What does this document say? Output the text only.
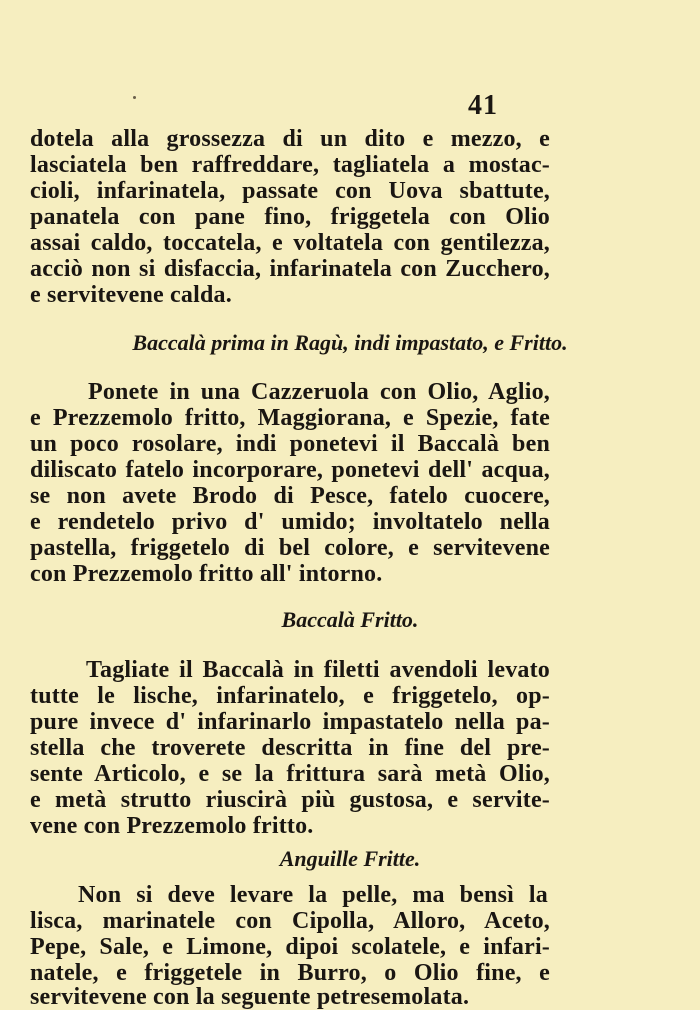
41
dotela alla grossezza di un dito e mezzo, e
lasciatela ben raffreddare, tagliatela a mostac-
cioli, infarinatela, passate con Uova sbattute,
panatela con pane fino, friggetela con Olio
assai caldo, toccatela, e voltatela con gentilezza,
acciò non si disfaccia, infarinatela con Zucchero,
e servitevene calda.
Baccalà prima in Ragù, indi impastato, e Fritto.
Ponete in una Cazzeruola con Olio, Aglio,
e Prezzemolo fritto, Maggiorana, e Spezie, fate
un poco rosolare, indi ponetevi il Baccalà ben
diliscato fatelo incorporare, ponetevi dell' acqua,
se non avete Brodo di Pesce, fatelo cuocere,
e rendetelo privo d' umido; involtatelo nella
pastella, friggetelo di bel colore, e servitevene
con Prezzemolo fritto all' intorno.
Baccalà Fritto.
Tagliate il Baccalà in filetti avendoli levato
tutte le lische, infarinatelo, e friggetelo, op-
pure invece d' infarinarlo impastatelo nella pa-
stella che troverete descritta in fine del pre-
sente Articolo, e se la frittura sarà metà Olio,
e metà strutto riuscirà più gustosa, e servite-
vene con Prezzemolo fritto.
Anguille Fritte.
Non si deve levare la pelle, ma bensì la
lisca, marinatele con Cipolla, Alloro, Aceto,
Pepe, Sale, e Limone, dipoi scolatele, e infari-
natele, e friggetele in Burro, o Olio fine, e
servitevene con la seguente petresemolata.
